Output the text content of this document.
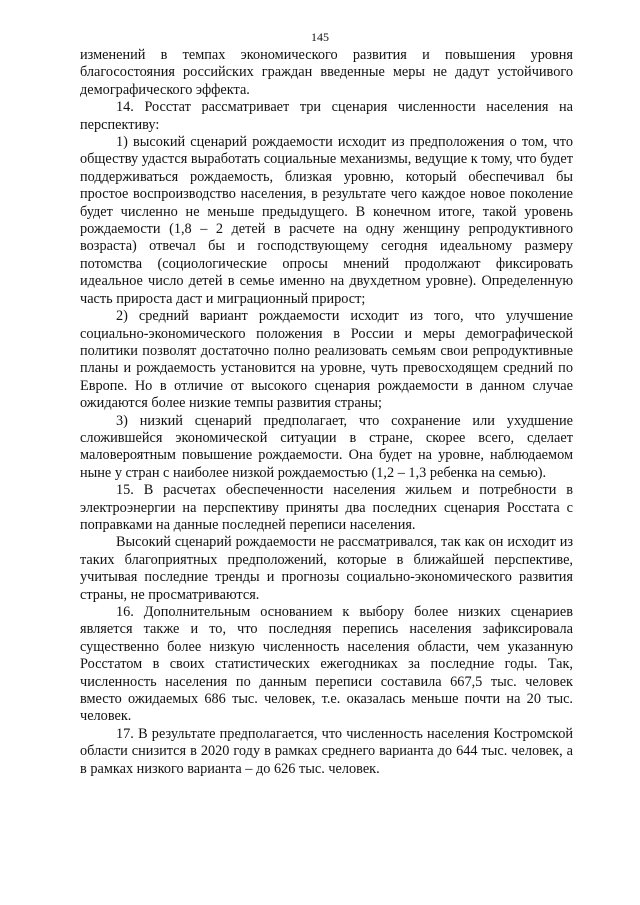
145

изменений в темпах экономического развития и повышения уровня благосостояния российских граждан введенные меры не дадут устойчивого демографического эффекта.

14. Росстат рассматривает три сценария численности населения на перспективу:

1) высокий сценарий рождаемости исходит из предположения о том, что обществу удастся выработать социальные механизмы, ведущие к тому, что будет поддерживаться рождаемость, близкая уровню, который обеспечивал бы простое воспроизводство населения, в результате чего каждое новое поколение будет численно не меньше предыдущего. В конечном итоге, такой уровень рождаемости (1,8 – 2 детей в расчете на одну женщину репродуктивного возраста) отвечал бы и господствующему сегодня идеальному размеру потомства (социологические опросы мнений продолжают фиксировать идеальное число детей в семье именно на двухдетном уровне). Определенную часть прироста даст и миграционный прирост;

2) средний вариант рождаемости исходит из того, что улучшение социально-экономического положения в России и меры демографической политики позволят достаточно полно реализовать семьям свои репродуктивные планы и рождаемость установится на уровне, чуть превосходящем средний по Европе. Но в отличие от высокого сценария рождаемости в данном случае ожидаются более низкие темпы развития страны;

3) низкий сценарий предполагает, что сохранение или ухудшение сложившейся экономической ситуации в стране, скорее всего, сделает маловероятным повышение рождаемости. Она будет на уровне, наблюдаемом ныне у стран с наиболее низкой рождаемостью (1,2 – 1,3 ребенка на семью).

15. В расчетах обеспеченности населения жильем и потребности в электроэнергии на перспективу приняты два последних сценария Росстата с поправками на данные последней переписи населения.

Высокий сценарий рождаемости не рассматривался, так как он исходит из таких благоприятных предположений, которые в ближайшей перспективе, учитывая последние тренды и прогнозы социально-экономического развития страны, не просматриваются.

16. Дополнительным основанием к выбору более низких сценариев является также и то, что последняя перепись населения зафиксировала существенно более низкую численность населения области, чем указанную Росстатом в своих статистических ежегодниках за последние годы. Так, численность населения по данным переписи составила 667,5 тыс. человек вместо ожидаемых 686 тыс. человек, т.е. оказалась меньше почти на 20 тыс. человек.

17. В результате предполагается, что численность населения Костромской области снизится в 2020 году в рамках среднего варианта до 644 тыс. человек, а в рамках низкого варианта – до 626 тыс. человек.
